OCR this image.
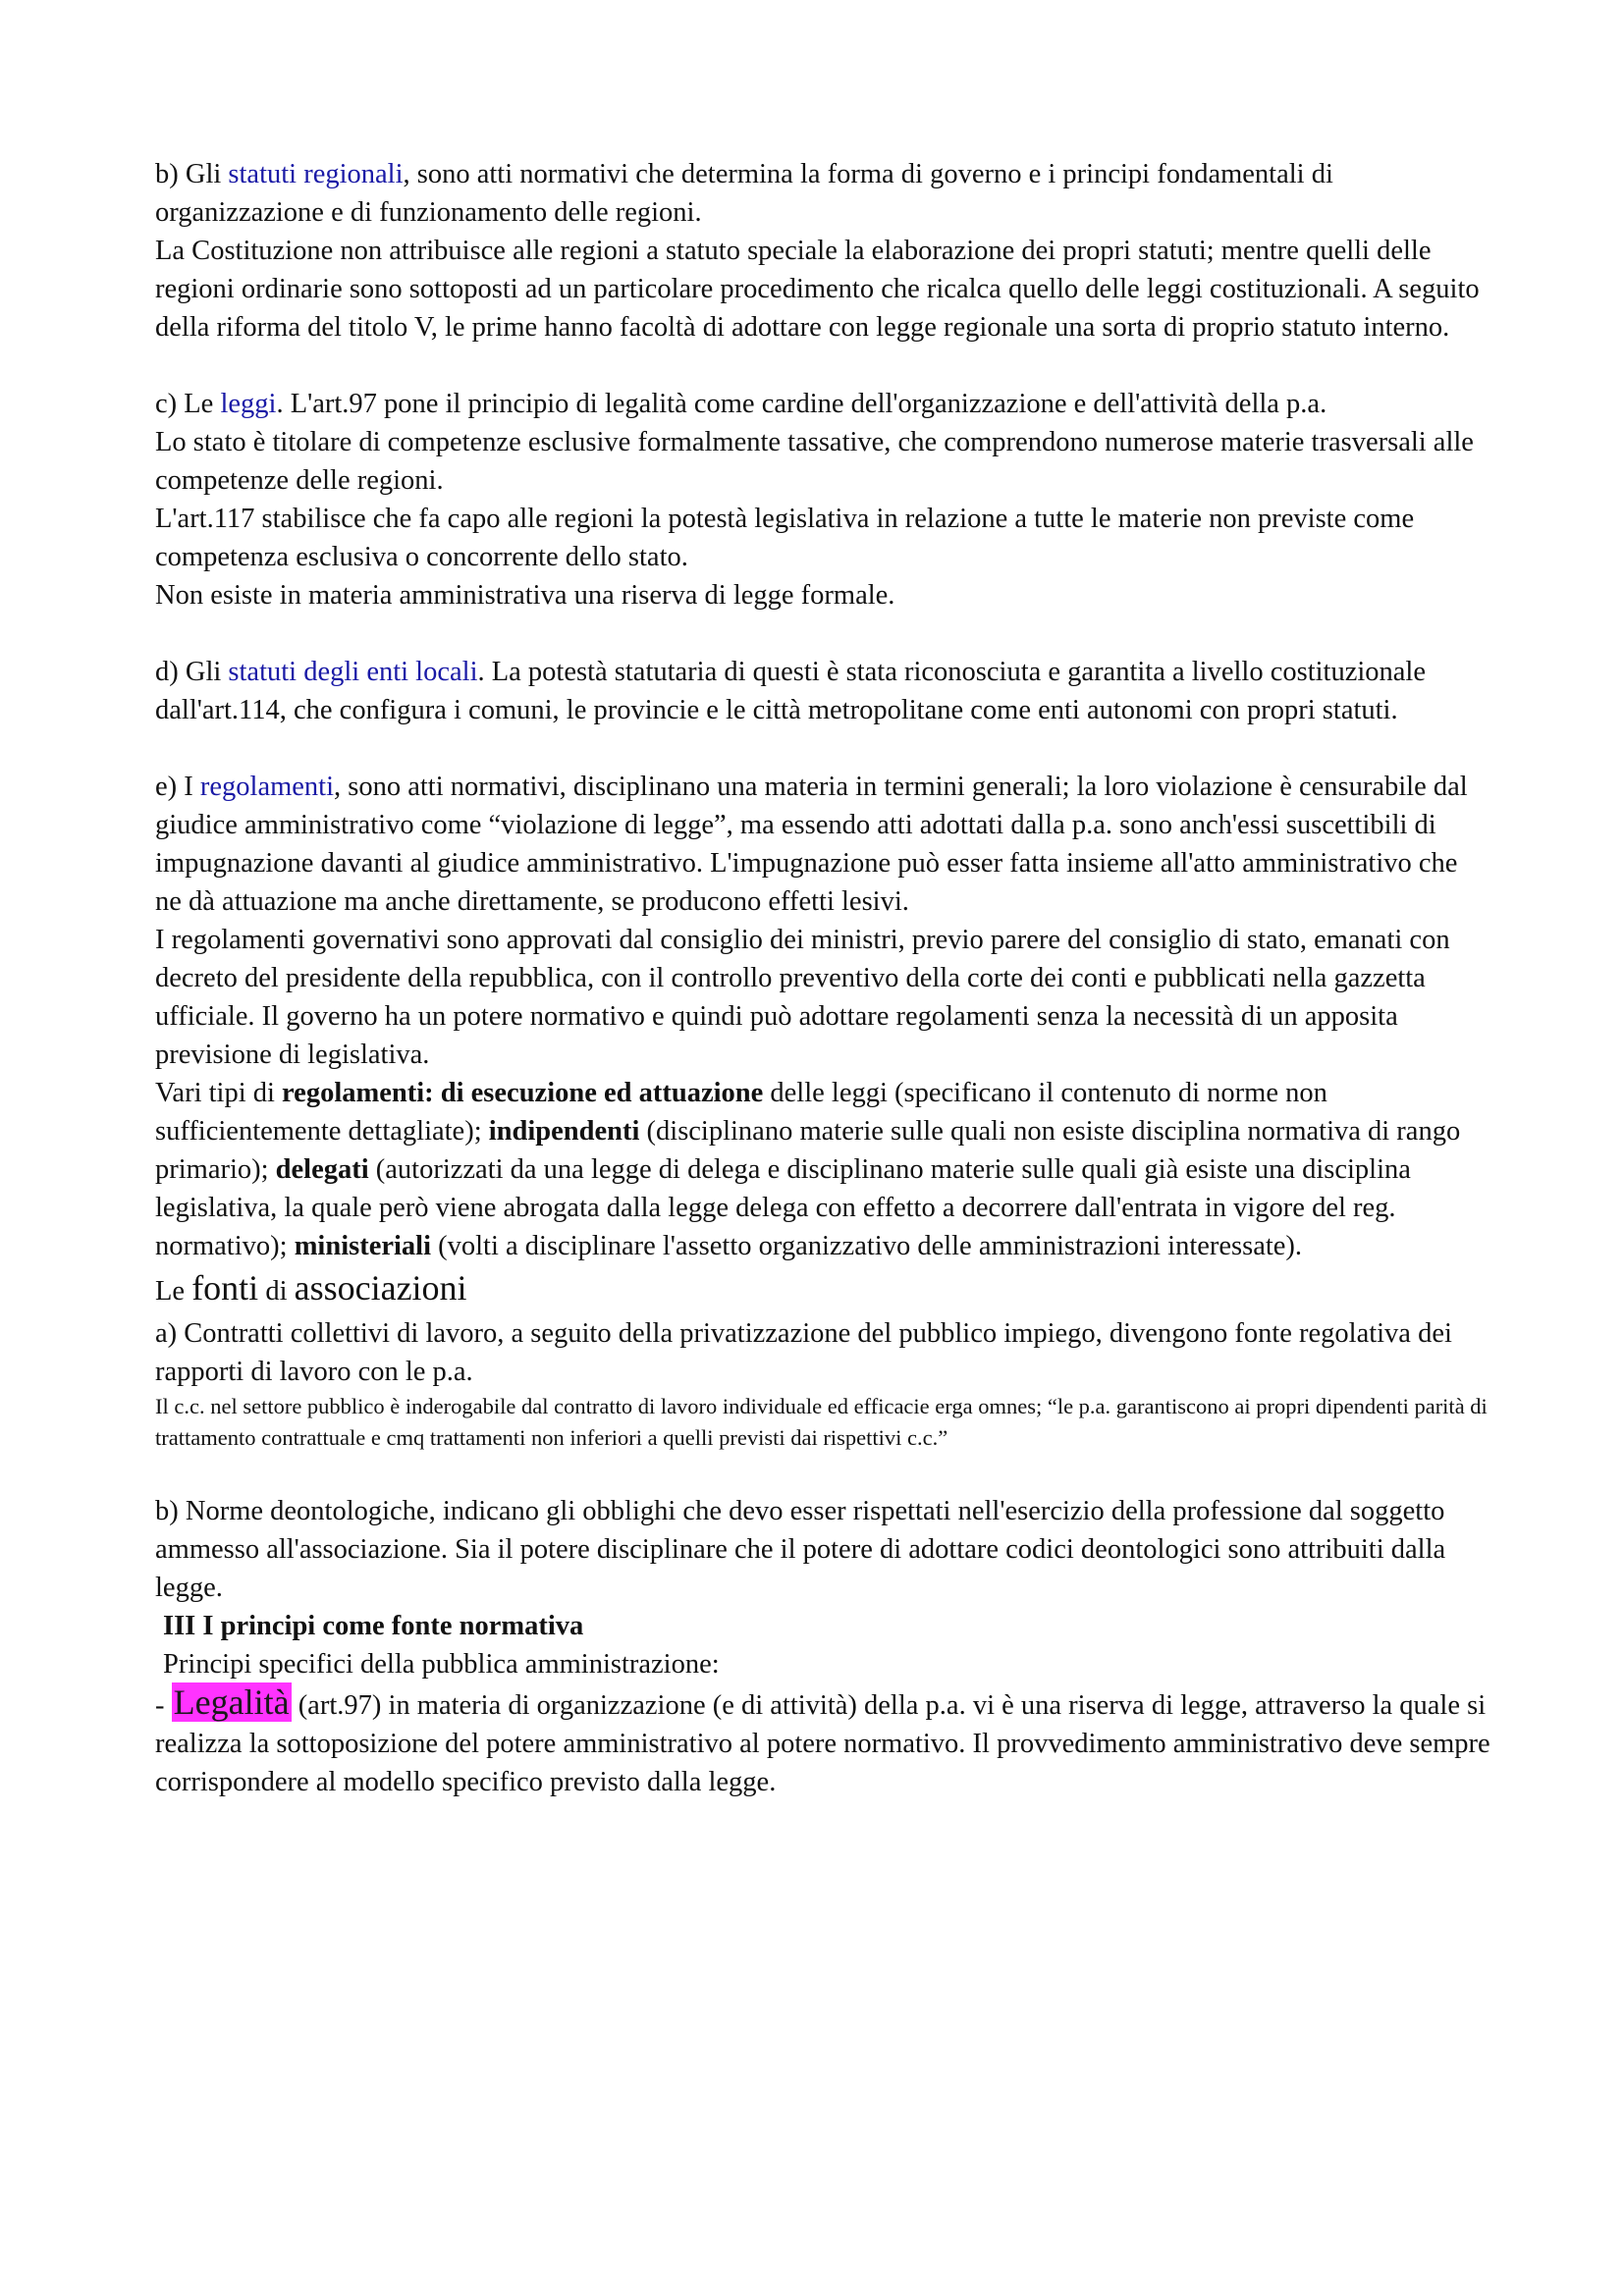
b) Gli statuti regionali, sono atti normativi che determina la forma di governo e i principi fondamentali di organizzazione e di funzionamento delle regioni.

La Costituzione non attribuisce alle regioni a statuto speciale la elaborazione dei propri statuti; mentre quelli delle regioni ordinarie sono sottoposti ad un particolare procedimento che ricalca quello delle leggi costituzionali. A seguito della riforma del titolo V, le prime hanno facoltà di adottare con legge regionale una sorta di proprio statuto interno.

c) Le leggi. L'art.97 pone il principio di legalità come cardine dell'organizzazione e dell'attività della p.a.

Lo stato è titolare di competenze esclusive formalmente tassative, che comprendono numerose materie trasversali alle competenze delle regioni.

L'art.117 stabilisce che fa capo alle regioni la potestà legislativa in relazione a tutte le materie non previste come competenza esclusiva o concorrente dello stato.

Non esiste in materia amministrativa una riserva di legge formale.

d) Gli statuti degli enti locali. La potestà statutaria di questi è stata riconosciuta e garantita a livello costituzionale dall'art.114, che configura i comuni, le provincie e le città metropolitane come enti autonomi con propri statuti.

e) I regolamenti, sono atti normativi, disciplinano una materia in termini generali; la loro violazione è censurabile dal giudice amministrativo come “violazione di legge”, ma essendo atti adottati dalla p.a. sono anch'essi suscettibili di impugnazione davanti al giudice amministrativo. L'impugnazione può esser fatta insieme all'atto amministrativo che ne dà attuazione ma anche direttamente, se producono effetti lesivi.

I regolamenti governativi sono approvati dal consiglio dei ministri, previo parere del consiglio di stato, emanati con decreto del presidente della repubblica, con il controllo preventivo della corte dei conti e pubblicati nella gazzetta ufficiale. Il governo ha un potere normativo e quindi può adottare regolamenti senza la necessità di un apposita previsione di legislativa.

Vari tipi di regolamenti: di esecuzione ed attuazione delle leggi (specificano il contenuto di norme non sufficientemente dettagliate); indipendenti (disciplinano materie sulle quali non esiste disciplina normativa di rango primario); delegati (autorizzati da una legge di delega e disciplinano materie sulle quali già esiste una disciplina legislativa, la quale però viene abrogata dalla legge delega con effetto a decorrere dall'entrata in vigore del reg. normativo); ministeriali (volti a disciplinare l'assetto organizzativo delle amministrazioni interessate).

Le fonti di associazioni

a) Contratti collettivi di lavoro, a seguito della privatizzazione del pubblico impiego, divengono fonte regolativa dei rapporti di lavoro con le p.a.

Il c.c. nel settore pubblico è inderogabile dal contratto di lavoro individuale ed efficacie erga omnes; “le p.a. garantiscono ai propri dipendenti parità di trattamento contrattuale e cmq trattamenti non inferiori a quelli previsti dai rispettivi c.c.”

b) Norme deontologiche, indicano gli obblighi che devo esser rispettati nell'esercizio della professione dal soggetto ammesso all'associazione. Sia il potere disciplinare che il potere di adottare codici deontologici sono attribuiti dalla legge.

III I principi come fonte normativa

Principi specifici della pubblica amministrazione:

- Legalità (art.97) in materia di organizzazione (e di attività) della p.a. vi è una riserva di legge, attraverso la quale si realizza la sottoposizione del potere amministrativo al potere normativo. Il provvedimento amministrativo deve sempre corrispondere al modello specifico previsto dalla legge.
